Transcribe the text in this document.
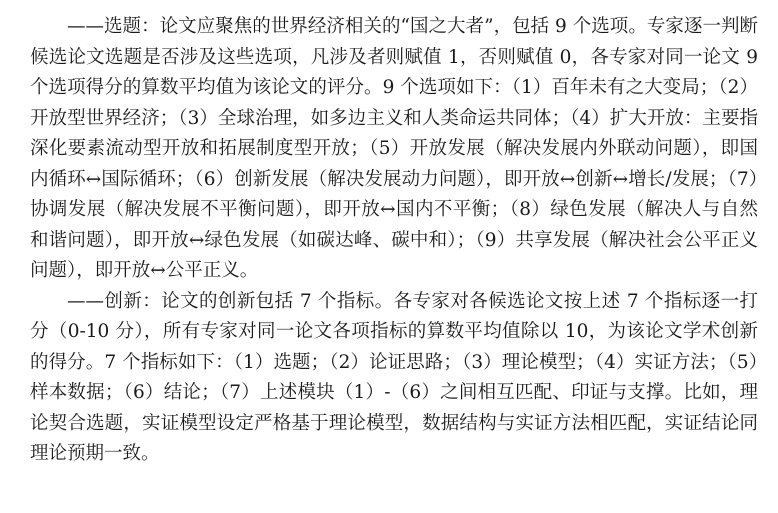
——选题：论文应聚焦的世界经济相关的“国之大者”，包括 9 个选项。专家逐一判断候选论文选题是否涉及这些选项，凡涉及者则赋值 1，否则赋值 0，各专家对同一论文 9 个选项得分的算数平均值为该论文的评分。9 个选项如下：（1）百年未有之大变局；（2）开放型世界经济；（3）全球治理，如多边主义和人类命运共同体；（4）扩大开放：主要指深化要素流动型开放和拓展制度型开放；（5）开放发展（解决发展内外联动问题），即国内循环↔国际循环；（6）创新发展（解决发展动力问题），即开放↔创新↔增长/发展；（7）协调发展（解决发展不平衡问题），即开放↔国内不平衡；（8）绿色发展（解决人与自然和谐问题），即开放↔绿色发展（如碳达峰、碳中和）；（9）共享发展（解决社会公平正义问题），即开放↔公平正义。

——创新：论文的创新包括 7 个指标。各专家对各候选论文按上述 7 个指标逐一打分（0-10 分），所有专家对同一论文各项指标的算数平均值除以 10，为该论文学术创新的得分。7 个指标如下：（1）选题；（2）论证思路；（3）理论模型；（4）实证方法；（5）样本数据；（6）结论；（7）上述模块（1）-（6）之间相互匹配、印证与支撑。比如，理论契合选题，实证模型设定严格基于理论模型，数据结构与实证方法相匹配，实证结论同理论预期一致。
